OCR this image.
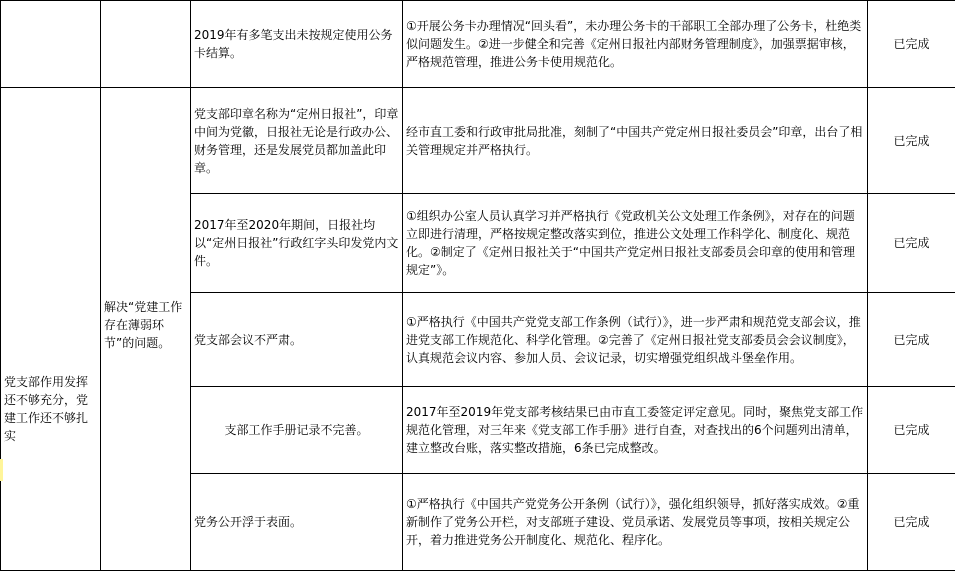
		2019年有多笔支出未按规定使用公务卡结算。	①开展公务卡办理情况“回头看”，未办理公务卡的干部职工全部办理了公务卡，杜绝类似问题发生。②进一步健全和完善《定州日报社内部财务管理制度》，加强票据审核，严格规范管理，推进公务卡使用规范化。	已完成
党支部作用发挥还不够充分，党建工作还不够扎实	解决“党建工作存在薄弱环节”的问题。	党支部印章名称为“定州日报社”，印章中间为党徽，日报社无论是行政办公、财务管理，还是发展党员都加盖此印章。	经市直工委和行政审批局批准，刻制了“中国共产党定州日报社委员会”印章，出台了相关管理规定并严格执行。	已完成
		2017年至2020年期间，日报社均以“定州日报社”行政红字头印发党内文件。	①组织办公室人员认真学习并严格执行《党政机关公文处理工作条例》，对存在的问题立即进行清理，严格按规定整改落实到位，推进公文处理工作科学化、制度化、规范化。②制定了《定州日报社关于“中国共产党定州日报社支部委员会印章的使用和管理规定”》。	已完成
		党支部会议不严肃。	①严格执行《中国共产党党支部工作条例（试行）》，进一步严肃和规范党支部会议，推进党支部工作规范化、科学化管理。②完善了《定州日报社党支部委员会会议制度》，认真规范会议内容、参加人员、会议记录，切实增强党组织战斗堡垒作用。	已完成
		支部工作手册记录不完善。	2017年至2019年党支部考核结果已由市直工委签定评定意见。同时，聚焦党支部工作规范化管理，对三年来《党支部工作手册》进行自查，对查找出的6个问题列出清单，建立整改台账，落实整改措施，6条已完成整改。	已完成
		党务公开浮于表面。	①严格执行《中国共产党党务公开条例（试行）》，强化组织领导，抓好落实成效。②重新制作了党务公开栏，对支部班子建设、党员承诺、发展党员等事项，按相关规定公开，着力推进党务公开制度化、规范化、程序化。	已完成
